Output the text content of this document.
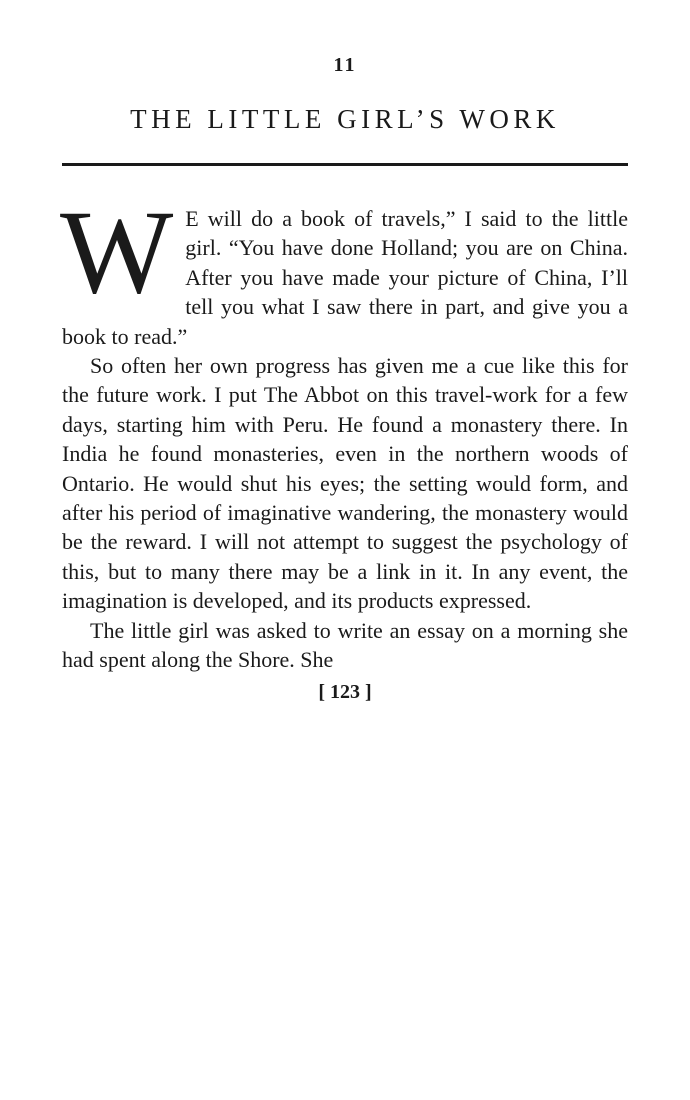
11
THE LITTLE GIRL’S WORK

W E will do a book of travels,” I said to the little girl. “You have done Holland; you are on China. After you have made your picture of China, I’ll tell you what I saw there in part, and give you a book to read.”

So often her own progress has given me a cue like this for the future work. I put The Abbot on this travel-work for a few days, starting him with Peru. He found a monastery there. In India he found monasteries, even in the northern woods of Ontario. He would shut his eyes; the setting would form, and after his period of imaginative wandering, the monastery would be the reward. I will not attempt to suggest the psychology of this, but to many there may be a link in it. In any event, the imagination is developed, and its products expressed.

The little girl was asked to write an essay on a morning she had spent along the Shore. She

[ 123 ]
